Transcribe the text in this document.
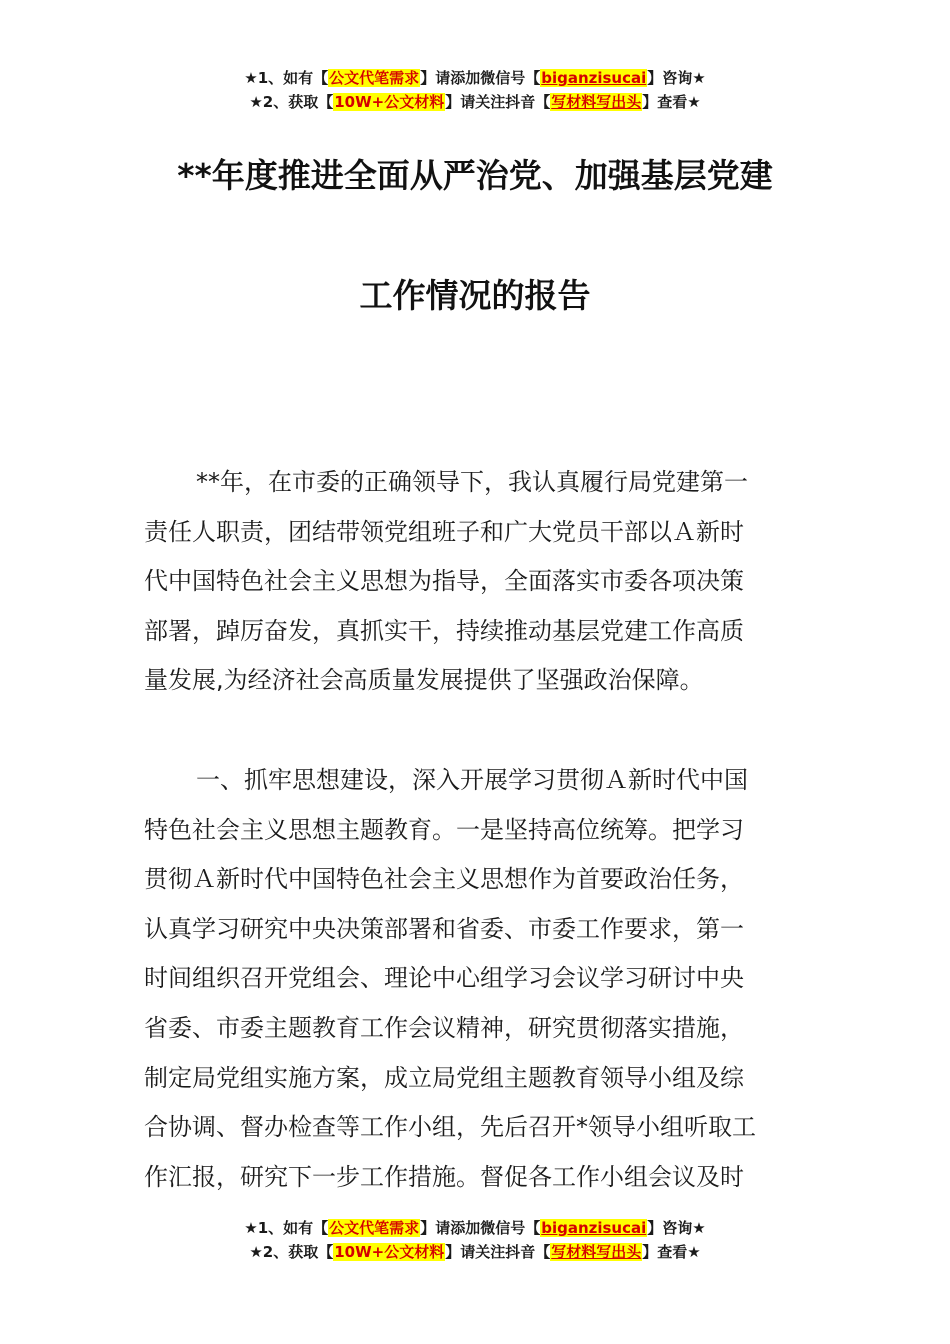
★1、如有【公文代笔需求】请添加微信号【biganzisucai】咨询★
★2、获取【10W+公文材料】请关注抖音【写材料写出头】查看★
**年度推进全面从严治党、加强基层党建
工作情况的报告
**年，在市委的正确领导下，我认真履行局党建第一
责任人职责，团结带领党组班子和广大党员干部以Ａ新时
代中国特色社会主义思想为指导，全面落实市委各项决策
部署，踔厉奋发，真抓实干，持续推动基层党建工作高质
量发展,为经济社会高质量发展提供了坚强政治保障。
一、抓牢思想建设，深入开展学习贯彻Ａ新时代中国
特色社会主义思想主题教育。一是坚持高位统筹。把学习
贯彻Ａ新时代中国特色社会主义思想作为首要政治任务，
认真学习研究中央决策部署和省委、市委工作要求，第一
时间组织召开党组会、理论中心组学习会议学习研讨中央
省委、市委主题教育工作会议精神，研究贯彻落实措施，
制定局党组实施方案，成立局党组主题教育领导小组及综
合协调、督办检查等工作小组，先后召开*领导小组听取工
作汇报，研究下一步工作措施。督促各工作小组会议及时
★1、如有【公文代笔需求】请添加微信号【biganzisucai】咨询★
★2、获取【10W+公文材料】请关注抖音【写材料写出头】查看★
